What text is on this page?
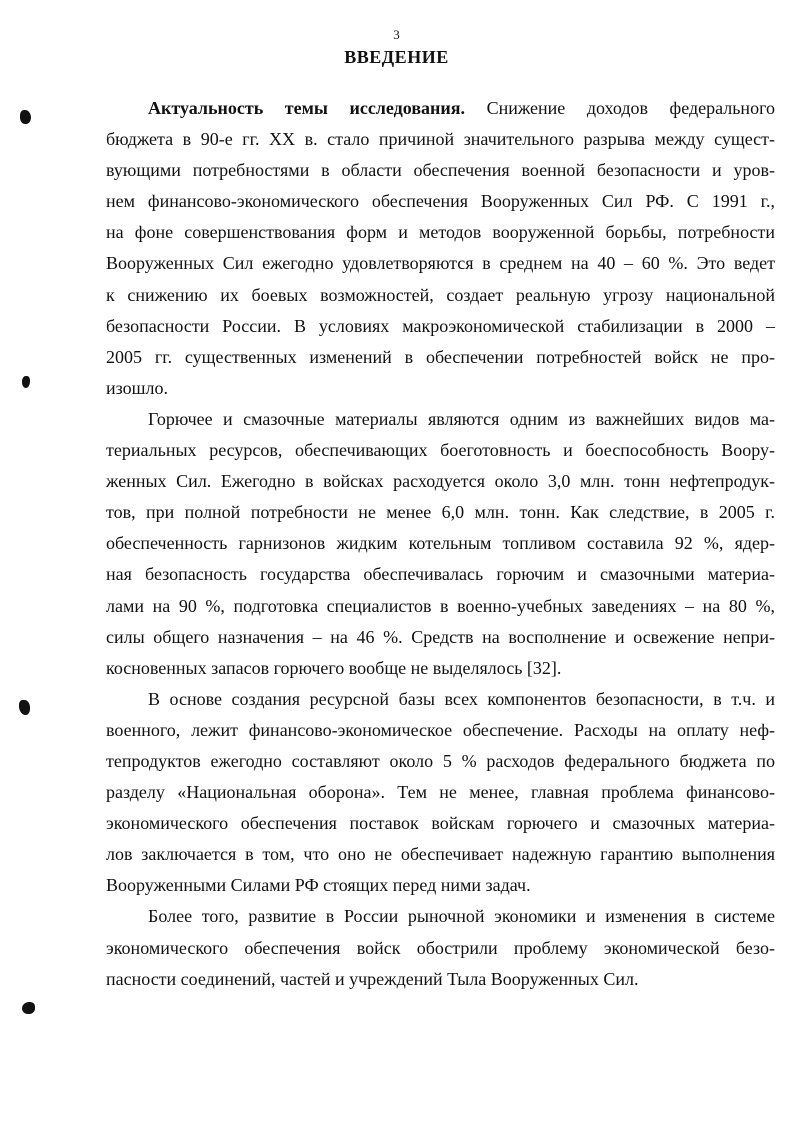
3
ВВЕДЕНИЕ
Актуальность темы исследования. Снижение доходов федерального
бюджета в 90-е гг. XX в. стало причиной значительного разрыва между сущест-
вующими потребностями в области обеспечения военной безопасности и уров-
нем финансово-экономического обеспечения Вооруженных Сил РФ. С 1991 г.,
на фоне совершенствования форм и методов вооруженной борьбы, потребности
Вооруженных Сил ежегодно удовлетворяются в среднем на 40 – 60 %. Это ведет
к снижению их боевых возможностей, создает реальную угрозу национальной
безопасности России. В условиях макроэкономической стабилизации в 2000 –
2005 гг. существенных изменений в обеспечении потребностей войск не про-
изошло.
Горючее и смазочные материалы являются одним из важнейших видов ма-
териальных ресурсов, обеспечивающих боеготовность и боеспособность Воору-
женных Сил. Ежегодно в войсках расходуется около 3,0 млн. тонн нефтепродук-
тов, при полной потребности не менее 6,0 млн. тонн. Как следствие, в 2005 г.
обеспеченность гарнизонов жидким котельным топливом составила 92 %, ядер-
ная безопасность государства обеспечивалась горючим и смазочными материа-
лами на 90 %, подготовка специалистов в военно-учебных заведениях – на 80 %,
силы общего назначения – на 46 %. Средств на восполнение и освежение непри-
косновенных запасов горючего вообще не выделялось [32].
В основе создания ресурсной базы всех компонентов безопасности, в т.ч. и
военного, лежит финансово-экономическое обеспечение. Расходы на оплату неф-
тепродуктов ежегодно составляют около 5 % расходов федерального бюджета по
разделу «Национальная оборона». Тем не менее, главная проблема финансово-
экономического обеспечения поставок войскам горючего и смазочных материа-
лов заключается в том, что оно не обеспечивает надежную гарантию выполнения
Вооруженными Силами РФ стоящих перед ними задач.
Более того, развитие в России рыночной экономики и изменения в системе
экономического обеспечения войск обострили проблему экономической безо-
пасности соединений, частей и учреждений Тыла Вооруженных Сил.
